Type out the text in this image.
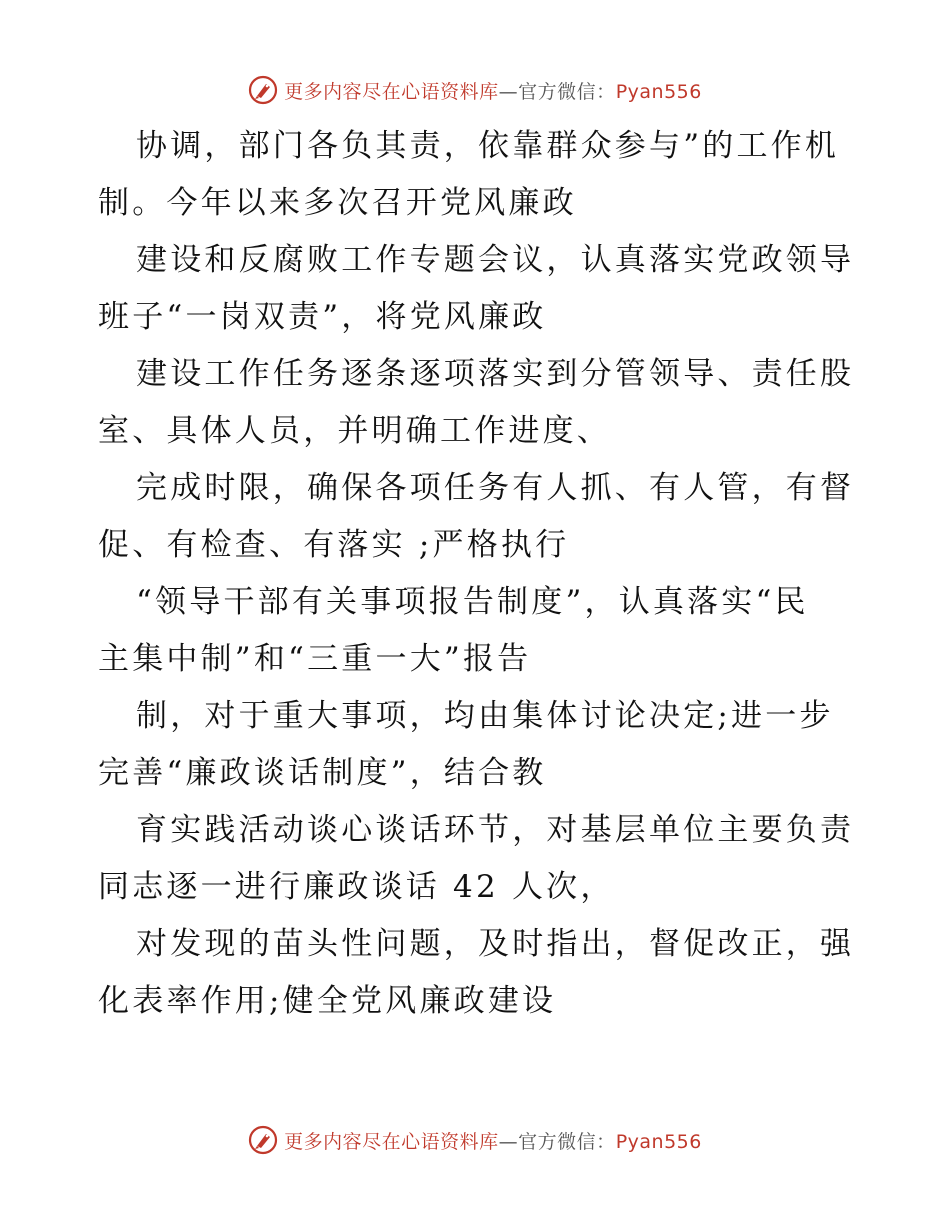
更多内容尽在心语资料库—官方微信：Pyan556
协调，部门各负其责，依靠群众参与”的工作机
制。今年以来多次召开党风廉政
建设和反腐败工作专题会议，认真落实党政领导
班子“一岗双责”，将党风廉政
建设工作任务逐条逐项落实到分管领导、责任股
室、具体人员，并明确工作进度、
完成时限，确保各项任务有人抓、有人管，有督
促、有检查、有落实 ;严格执行
“领导干部有关事项报告制度”，认真落实“民
主集中制”和“三重一大”报告
制，对于重大事项，均由集体讨论决定;进一步
完善“廉政谈话制度”，结合教
育实践活动谈心谈话环节，对基层单位主要负责
同志逐一进行廉政谈话 42 人次，
对发现的苗头性问题，及时指出，督促改正，强
化表率作用;健全党风廉政建设
更多内容尽在心语资料库—官方微信：Pyan556
